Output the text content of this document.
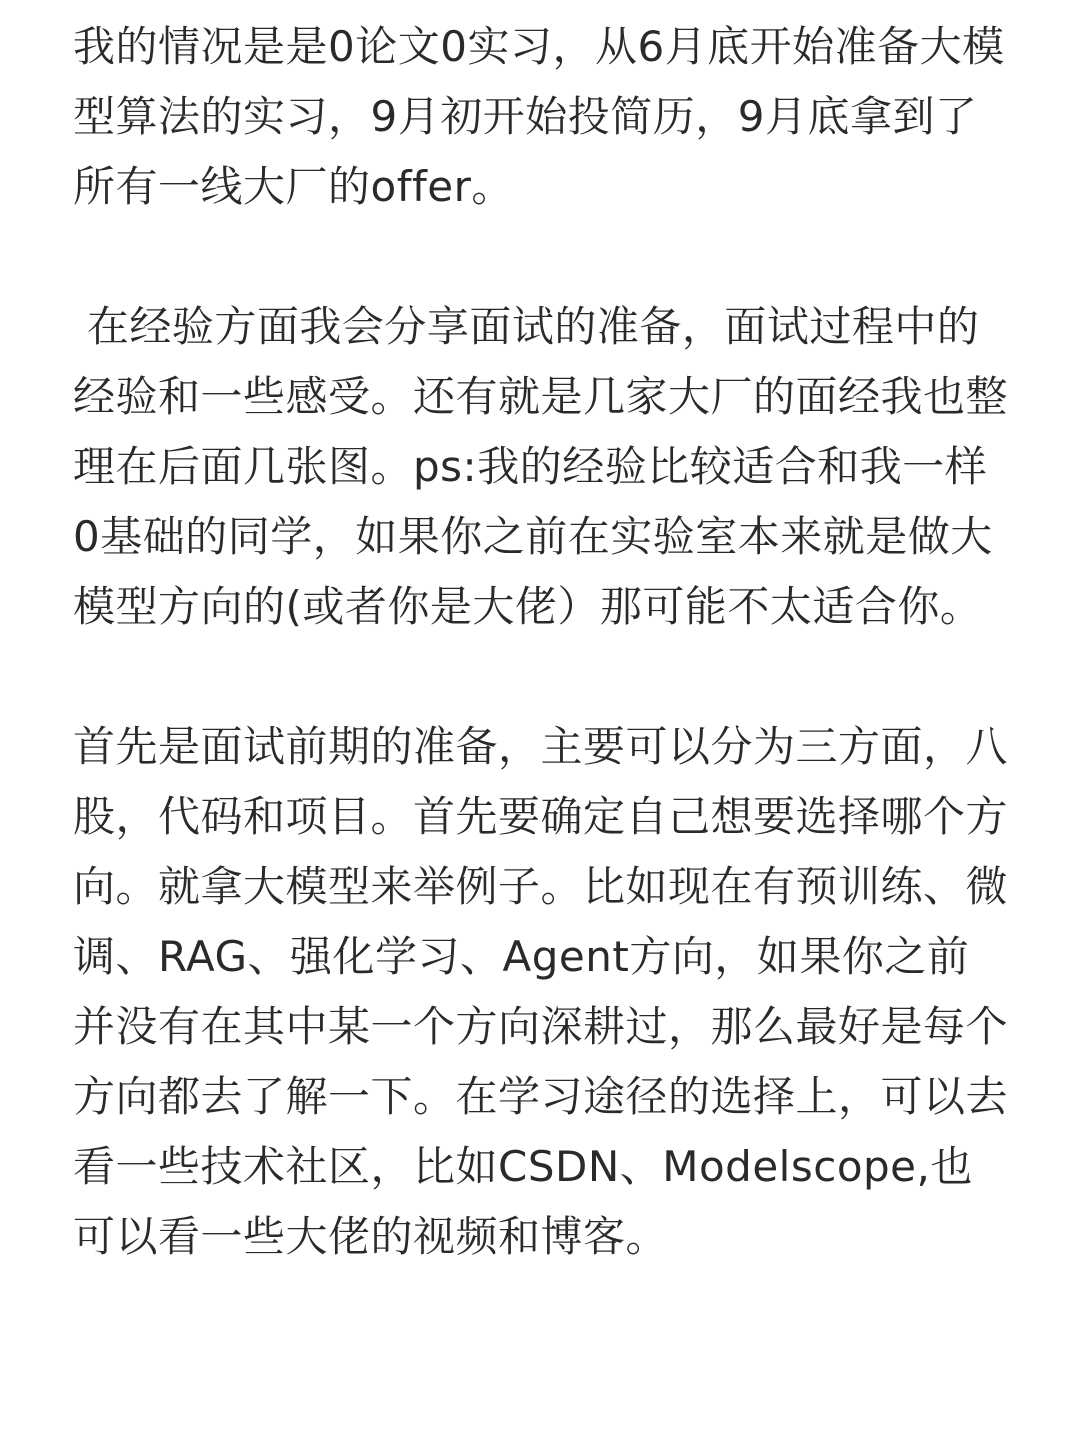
我的情况是是0论文0实习，从6月底开始准备大模型算法的实习，9月初开始投简历，9月底拿到了所有一线大厂的offer。

在经验方面我会分享面试的准备，面试过程中的经验和一些感受。还有就是几家大厂的面经我也整理在后面几张图。ps:我的经验比较适合和我一样0基础的同学，如果你之前在实验室本来就是做大模型方向的(或者你是大佬）那可能不太适合你。

首先是面试前期的准备，主要可以分为三方面，八股，代码和项目。首先要确定自己想要选择哪个方向。就拿大模型来举例子。比如现在有预训练、微调、RAG、强化学习、Agent方向，如果你之前并没有在其中某一个方向深耕过，那么最好是每个方向都去了解一下。在学习途径的选择上，可以去看一些技术社区，比如CSDN、Modelscope,也可以看一些大佬的视频和博客。
